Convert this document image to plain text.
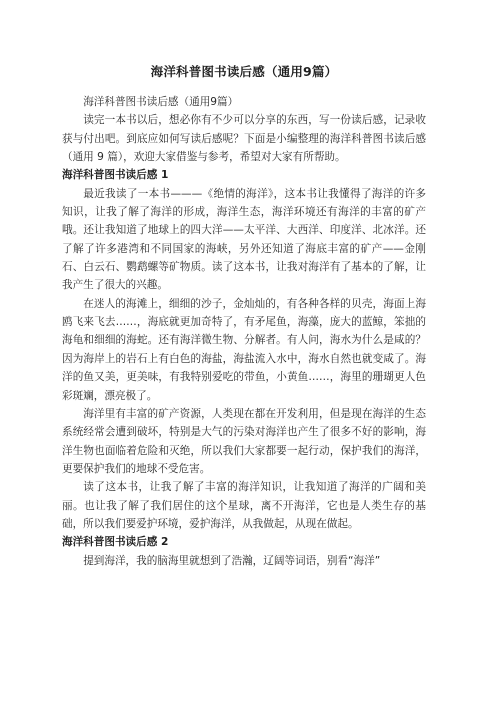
海洋科普图书读后感（通用9篇）

海洋科普图书读后感（通用9篇）

读完一本书以后，想必你有不少可以分享的东西，写一份读后感，记录收获与付出吧。到底应如何写读后感呢？下面是小编整理的海洋科普图书读后感（通用 9 篇），欢迎大家借鉴与参考，希望对大家有所帮助。

海洋科普图书读后感 1

最近我读了一本书———《绝情的海洋》，这本书让我懂得了海洋的许多知识，让我了解了海洋的形成，海洋生态，海洋环境还有海洋的丰富的矿产哦。还让我知道了地球上的四大洋——太平洋、大西洋、印度洋、北冰洋。还了解了许多港湾和不同国家的海峡，另外还知道了海底丰富的矿产——金刚石、白云石、鹦鹉螺等矿物质。读了这本书，让我对海洋有了基本的了解，让我产生了很大的兴趣。

在迷人的海滩上，细细的沙子，金灿灿的，有各种各样的贝壳，海面上海鸥飞来飞去……，海底就更加奇特了，有矛尾鱼，海藻，庞大的蓝鲸，笨拙的海龟和细细的海蛇。还有海洋微生物、分解者。有人问，海水为什么是咸的？因为海岸上的岩石上有白色的海盐，海盐流入水中，海水自然也就变咸了。海洋的鱼又美，更美味，有我特别爱吃的带鱼，小黄鱼……，海里的珊瑚更人色彩斑斓，漂亮极了。

海洋里有丰富的矿产资源，人类现在都在开发利用，但是现在海洋的生态系统经常会遭到破坏，特别是大气的污染对海洋也产生了很多不好的影响，海洋生物也面临着危险和灭绝，所以我们大家都要一起行动，保护我们的海洋，更要保护我们的地球不受危害。

读了这本书，让我了解了丰富的海洋知识，让我知道了海洋的广阔和美丽。也让我了解了我们居住的这个星球，离不开海洋，它也是人类生存的基础，所以我们要爱护环境，爱护海洋，从我做起，从现在做起。

海洋科普图书读后感 2

提到海洋，我的脑海里就想到了浩瀚，辽阔等词语，别看“海洋”
